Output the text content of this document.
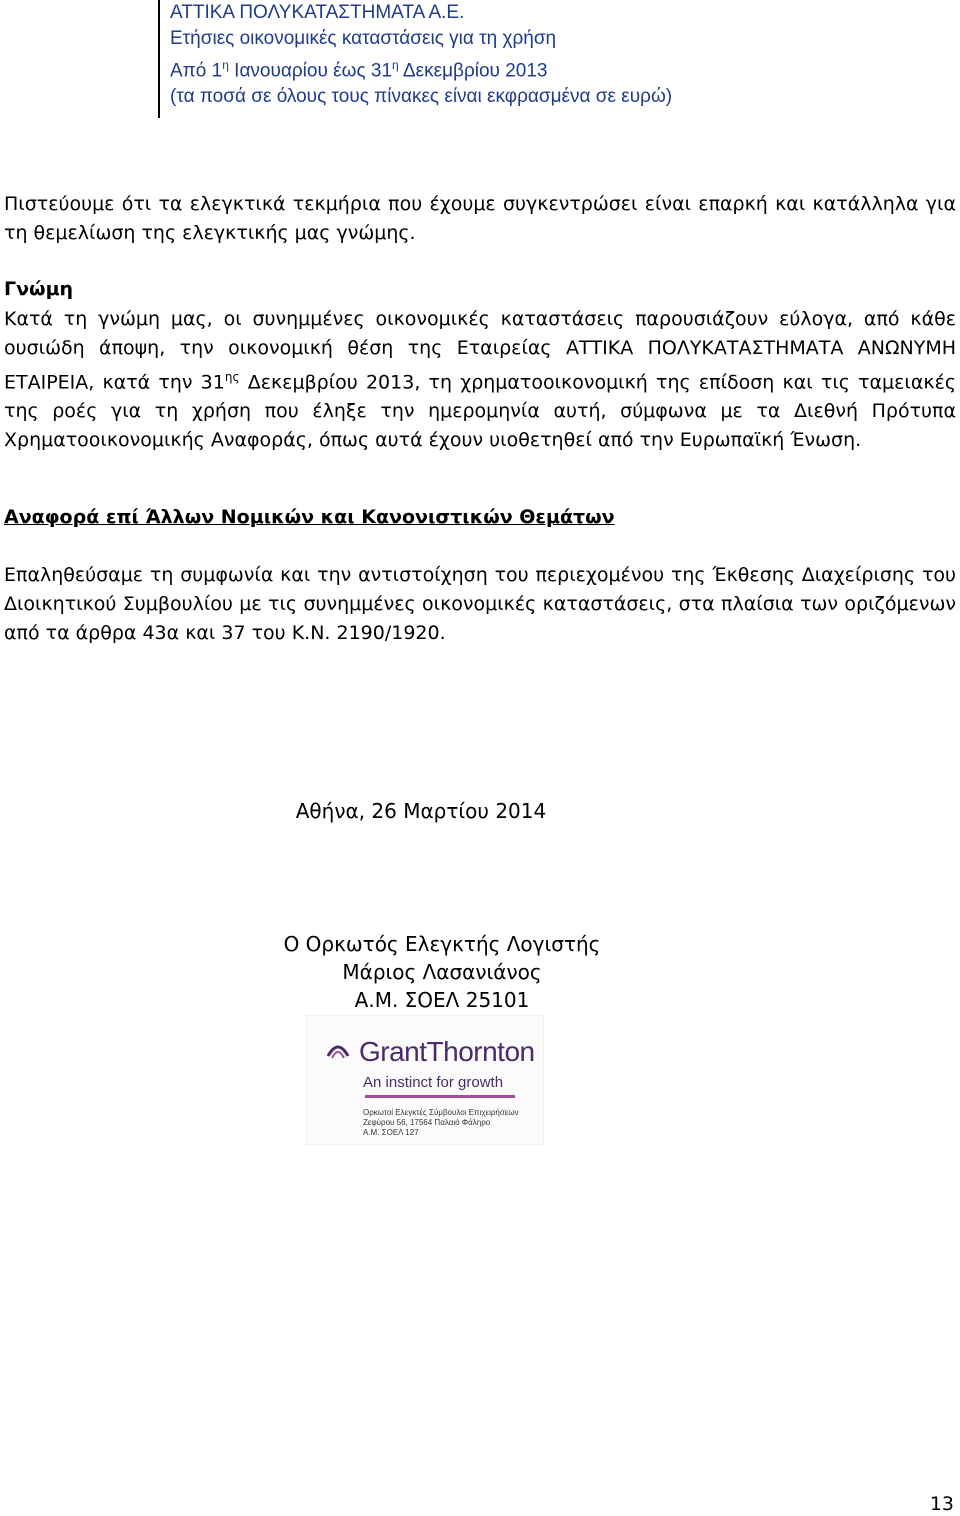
ΑΤΤΙΚΑ ΠΟΛΥΚΑΤΑΣΤΗΜΑΤΑ Α.Ε.
Ετήσιες οικονομικές καταστάσεις για τη χρήση
Από $1^\eta$ Ιανουαρίου έως $31^\eta$ Δεκεμβρίου 2013
(τα ποσά σε όλους τους πίνακες είναι εκφρασμένα σε ευρώ)
Πιστεύουμε ότι τα ελεγκτικά τεκμήρια που έχουμε συγκεντρώσει είναι επαρκή και κατάλληλα για τη θεμελίωση της ελεγκτικής μας γνώμης.
Γνώμη
Κατά τη γνώμη μας, οι συνημμένες οικονομικές καταστάσεις παρουσιάζουν εύλογα, από κάθε ουσιώδη άποψη, την οικονομική θέση της Εταιρείας ΑΤΤΙΚΑ ΠΟΛΥΚΑΤΑΣΤΗΜΑΤΑ ΑΝΩΝΥΜΗ ΕΤΑΙΡΕΙΑ, κατά την $31^{\eta\varsigma}$ Δεκεμβρίου 2013, τη χρηματοοικονομική της επίδοση και τις ταμειακές της ροές για τη χρήση που έληξε την ημερομηνία αυτή, σύμφωνα με τα Διεθνή Πρότυπα Χρηματοοικονομικής Αναφοράς, όπως αυτά έχουν υιοθετηθεί από την Ευρωπαϊκή Ένωση.
Αναφορά επί Άλλων Νομικών και Κανονιστικών Θεμάτων
Επαληθεύσαμε τη συμφωνία και την αντιστοίχηση του περιεχομένου της Έκθεσης Διαχείρισης του Διοικητικού Συμβουλίου με τις συνημμένες οικονομικές καταστάσεις, στα πλαίσια των οριζόμενων από τα άρθρα 43α και 37 του Κ.Ν. 2190/1920.
Αθήνα, 26 Μαρτίου 2014
Ο Ορκωτός Ελεγκτής Λογιστής
Μάριος Λασανιάνος
Α.Μ. ΣΟΕΛ 25101
GrantThornton
An instinct for growth
Ορκωτοί Ελεγκτές Σύμβουλοι Επιχειρήσεων
Ζεφύρου 56, 17564 Παλαιό Φάληρο
Α.Μ. ΣΟΕΛ 127
13
